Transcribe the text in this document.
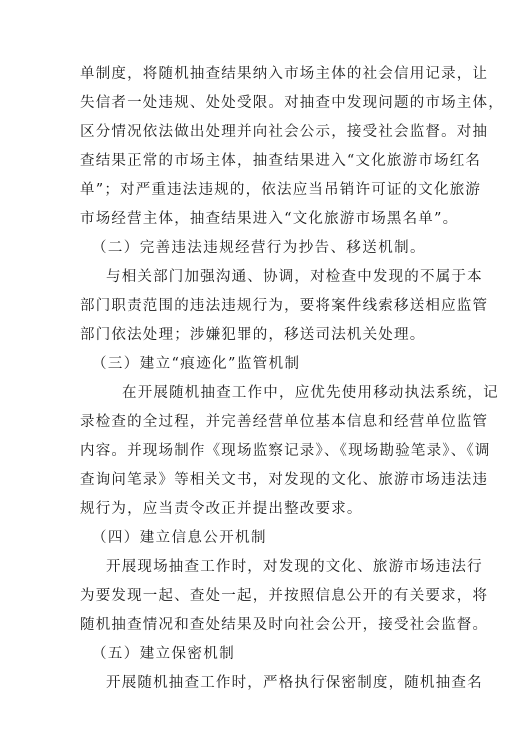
单制度，将随机抽查结果纳入市场主体的社会信用记录，让
失信者一处违规、处处受限。对抽查中发现问题的市场主体，
区分情况依法做出处理并向社会公示，接受社会监督。对抽
查结果正常的市场主体，抽查结果进入“文化旅游市场红名
单”；对严重违法违规的，依法应当吊销许可证的文化旅游
市场经营主体，抽查结果进入“文化旅游市场黑名单”。
（二）完善违法违规经营行为抄告、移送机制。
与相关部门加强沟通、协调，对检查中发现的不属于本
部门职责范围的违法违规行为，要将案件线索移送相应监管
部门依法处理；涉嫌犯罪的，移送司法机关处理。
（三）建立“痕迹化”监管机制
在开展随机抽查工作中，应优先使用移动执法系统，记
录检查的全过程，并完善经营单位基本信息和经营单位监管
内容。并现场制作《现场监察记录》、《现场勘验笔录》、《调
查询问笔录》等相关文书，对发现的文化、旅游市场违法违
规行为，应当责令改正并提出整改要求。
（四）建立信息公开机制
开展现场抽查工作时，对发现的文化、旅游市场违法行
为要发现一起、查处一起，并按照信息公开的有关要求，将
随机抽查情况和查处结果及时向社会公开，接受社会监督。
（五）建立保密机制
开展随机抽查工作时，严格执行保密制度，随机抽查名
